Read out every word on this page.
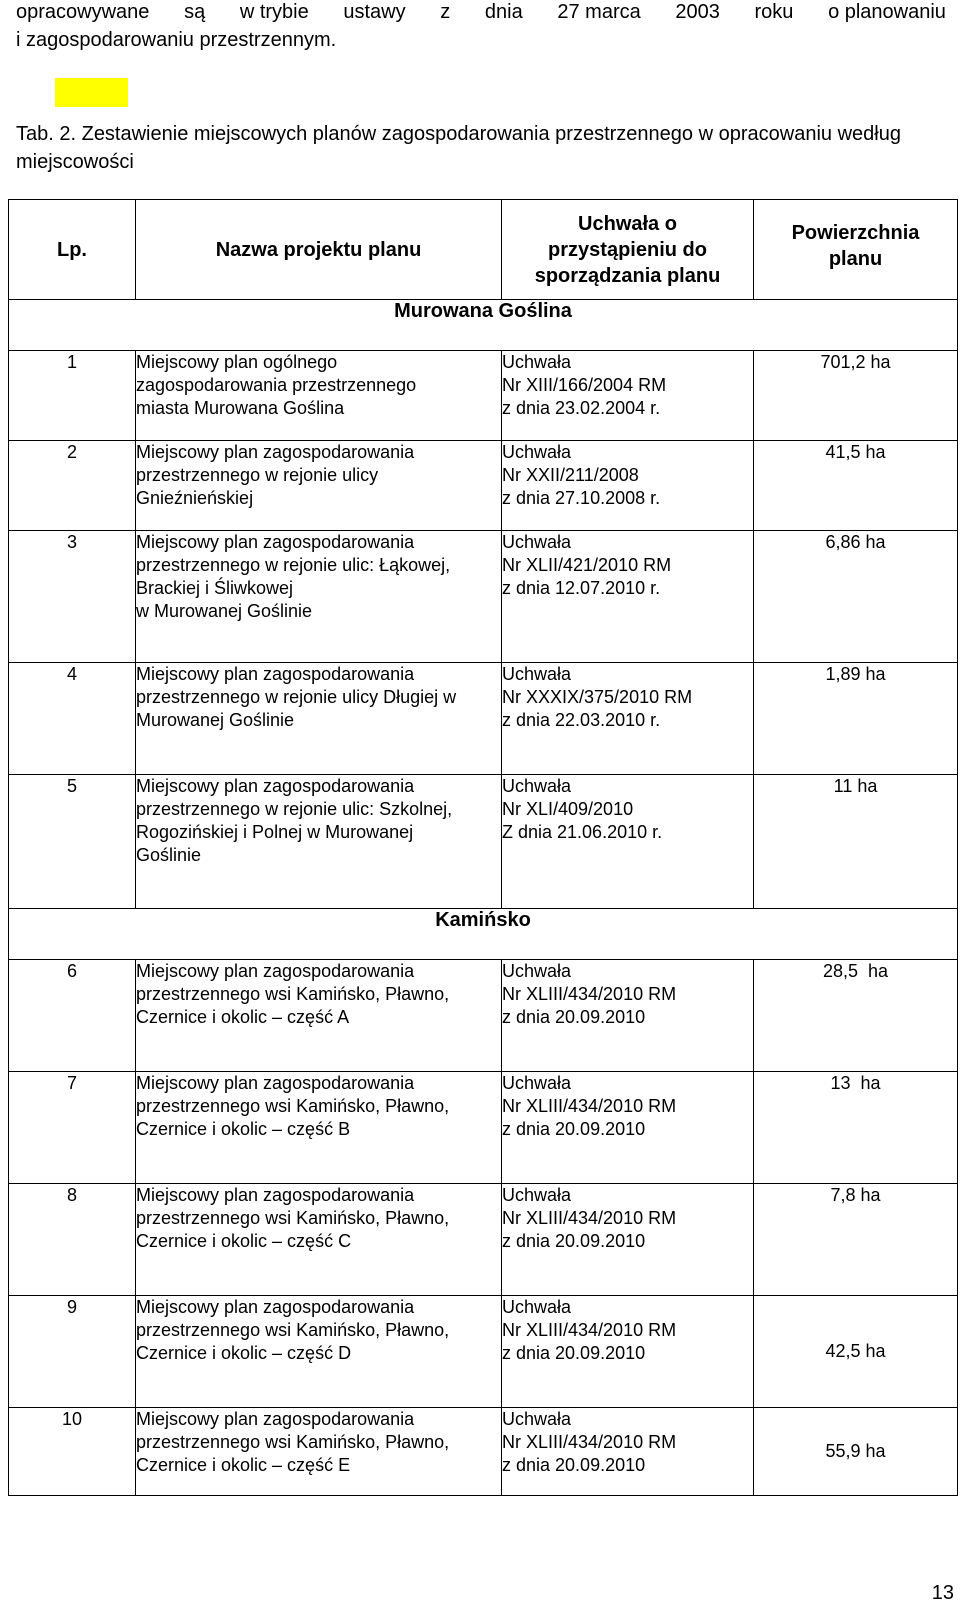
opracowywane są w trybie ustawy z dnia 27 marca 2003 roku o planowaniu
i zagospodarowaniu przestrzennym.
Tab. 2. Zestawienie miejscowych planów zagospodarowania przestrzennego w opracowaniu według miejscowości
Lp.	Nazwa projektu planu	Uchwała o
przystąpieniu do
sporządzania planu	Powierzchnia
planu

Murowana Goślina			
1	Miejscowy plan ogólnego
zagospodarowania przestrzennego
miasta Murowana Goślina	Uchwała
Nr XIII/166/2004 RM
z dnia 23.02.2004 r.	701,2 ha
2	Miejscowy plan zagospodarowania
przestrzennego w rejonie ulicy
Gnieźnieńskiej	Uchwała
Nr XXII/211/2008
z dnia 27.10.2008 r.	41,5 ha
3	Miejscowy plan zagospodarowania
przestrzennego w rejonie ulic: Łąkowej,
Brackiej i Śliwkowej
w Murowanej Goślinie	Uchwała
Nr XLII/421/2010 RM
z dnia 12.07.2010 r.	6,86 ha
4	Miejscowy plan zagospodarowania
przestrzennego w rejonie ulicy Długiej w
Murowanej Goślinie	Uchwała
Nr XXXIX/375/2010 RM
z dnia 22.03.2010 r.	1,89 ha
5	Miejscowy plan zagospodarowania
przestrzennego w rejonie ulic: Szkolnej,
Rogozińskiej i Polnej w Murowanej
Goślinie	Uchwała
Nr XLI/409/2010
Z dnia 21.06.2010 r.	11 ha
Kamińsko			
6	Miejscowy plan zagospodarowania
przestrzennego wsi Kamińsko, Pławno,
Czernice i okolic – część A	Uchwała
Nr XLIII/434/2010 RM
z dnia 20.09.2010	28,5  ha
7	Miejscowy plan zagospodarowania
przestrzennego wsi Kamińsko, Pławno,
Czernice i okolic – część B	Uchwała
Nr XLIII/434/2010 RM
z dnia 20.09.2010	13  ha
8	Miejscowy plan zagospodarowania
przestrzennego wsi Kamińsko, Pławno,
Czernice i okolic – część C	Uchwała
Nr XLIII/434/2010 RM
z dnia 20.09.2010	7,8 ha
9	Miejscowy plan zagospodarowania
przestrzennego wsi Kamińsko, Pławno,
Czernice i okolic – część D	Uchwała
Nr XLIII/434/2010 RM
z dnia 20.09.2010	42,5 ha
10	Miejscowy plan zagospodarowania
przestrzennego wsi Kamińsko, Pławno,
Czernice i okolic – część E	Uchwała
Nr XLIII/434/2010 RM
z dnia 20.09.2010	55,9 ha
13
